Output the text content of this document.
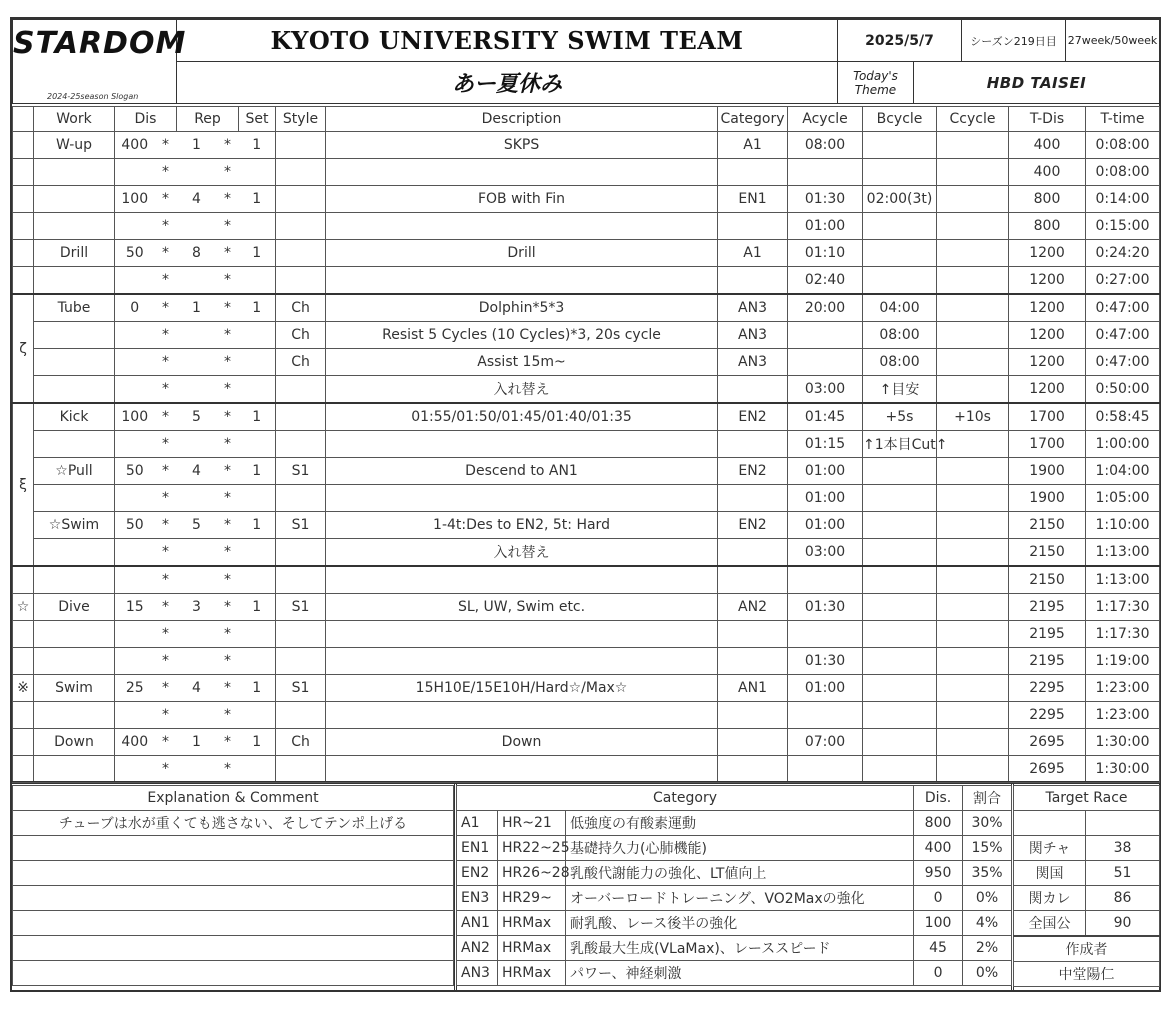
STARDOM	KYOTO UNIVERSITY SWIM TEAM	2025/5/7		シーズン219日目	27week/50week
2024-25season Slogan	あー夏休み	Today's
Theme	HBD TAISEI		
	Work	Dis		Rep		Set	Style	Description	Category	Acycle	Bcycle	Ccycle	T-Dis	T-time
	W-up	400	*	1	*	1		SKPS	A1	08:00			400	0:08:00
			*		*								400	0:08:00
		100	*	4	*	1		FOB with Fin	EN1	01:30	02:00(3t)		800	0:14:00
			*		*					01:00			800	0:15:00
	Drill	50	*	8	*	1		Drill	A1	01:10			1200	0:24:20
			*		*					02:40			1200	0:27:00
ζ	Tube	0	*	1	*	1	Ch	Dolphin*5*3	AN3	20:00	04:00		1200	0:47:00
			*		*		Ch	Resist 5 Cycles (10 Cycles)*3, 20s cycle	AN3		08:00		1200	0:47:00
			*		*		Ch	Assist 15m~	AN3		08:00		1200	0:47:00
			*		*			入れ替え		03:00	↑目安		1200	0:50:00
ξ	Kick	100	*	5	*	1		01:55/01:50/01:45/01:40/01:35	EN2	01:45	+5s	+10s	1700	0:58:45
			*		*					01:15	↑1本目Cut↑		1700	1:00:00
	☆Pull	50	*	4	*	1	S1	Descend to AN1	EN2	01:00			1900	1:04:00
			*		*					01:00			1900	1:05:00
	☆Swim	50	*	5	*	1	S1	1-4t:Des to EN2, 5t: Hard	EN2	01:00			2150	1:10:00
			*		*			入れ替え		03:00			2150	1:13:00
			*		*								2150	1:13:00
☆	Dive	15	*	3	*	1	S1	SL, UW, Swim etc.	AN2	01:30			2195	1:17:30
			*		*								2195	1:17:30
			*		*					01:30			2195	1:19:00
※	Swim	25	*	4	*	1	S1	15H10E/15E10H/Hard☆/Max☆	AN1	01:00			2295	1:23:00
			*		*								2295	1:23:00
	Down	400	*	1	*	1	Ch	Down		07:00			2695	1:30:00
			*		*								2695	1:30:00
Explanation & Comment
チューブは水が重くても逃さない、そしてテンポ上げる

Category			Dis.	割合
A1	HR~21	低強度の有酸素運動	800	30%
EN1	HR22~25	基礎持久力(心肺機能)	400	15%
EN2	HR26~28	乳酸代謝能力の強化、LT値向上	950	35%
EN3	HR29~	オーバーロードトレーニング、VO2Maxの強化	0	0%
AN1	HRMax	耐乳酸、レース後半の強化	100	4%
AN2	HRMax	乳酸最大生成(VLaMax)、レーススピード	45	2%
AN3	HRMax	パワー、神経刺激	0	0%
Target Race	

関チャ	38
関国	51
関カレ	86
全国公	90
作成者	
中堂陽仁	
